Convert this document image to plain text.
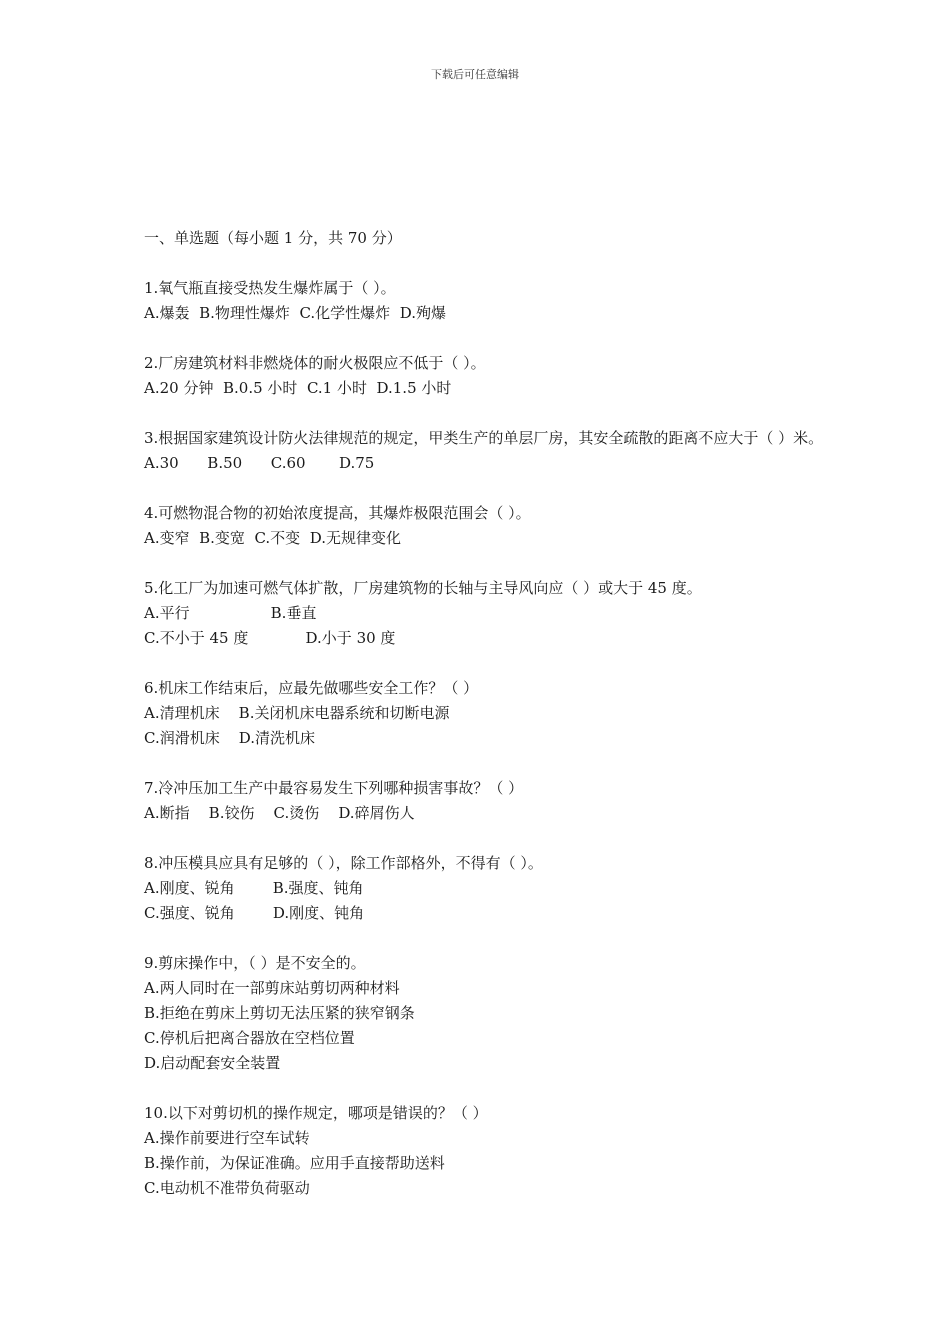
下载后可任意编辑
一、单选题（每小题 1 分，共 70 分）
1.氧气瓶直接受热发生爆炸属于（ ）。
A.爆轰  B.物理性爆炸  C.化学性爆炸  D.殉爆
2.厂房建筑材料非燃烧体的耐火极限应不低于（ ）。
A.20 分钟  B.0.5 小时  C.1 小时  D.1.5 小时
3.根据国家建筑设计防火法律规范的规定，甲类生产的单层厂房，其安全疏散的距离不应大于（ ）米。
A.30      B.50      C.60       D.75
4.可燃物混合物的初始浓度提高，其爆炸极限范围会（ ）。
A.变窄  B.变宽  C.不变  D.无规律变化
5.化工厂为加速可燃气体扩散，厂房建筑物的长轴与主导风向应（ ）或大于 45 度。
A.平行                 B.垂直
C.不小于 45 度            D.小于 30 度
6.机床工作结束后，应最先做哪些安全工作？（ ）
A.清理机床    B.关闭机床电器系统和切断电源
C.润滑机床    D.清洗机床
7.冷冲压加工生产中最容易发生下列哪种损害事故？（ ）
A.断指    B.铰伤    C.烫伤    D.碎屑伤人
8.冲压模具应具有足够的（ ），除工作部格外，不得有（ ）。
A.刚度、锐角        B.强度、钝角
C.强度、锐角        D.刚度、钝角
9.剪床操作中，（ ）是不安全的。
A.两人同时在一部剪床站剪切两种材料
B.拒绝在剪床上剪切无法压紧的狭窄钢条
C.停机后把离合器放在空档位置
D.启动配套安全装置
10.以下对剪切机的操作规定，哪项是错误的？（ ）
A.操作前要进行空车试转
B.操作前，为保证准确。应用手直接帮助送料
C.电动机不准带负荷驱动
